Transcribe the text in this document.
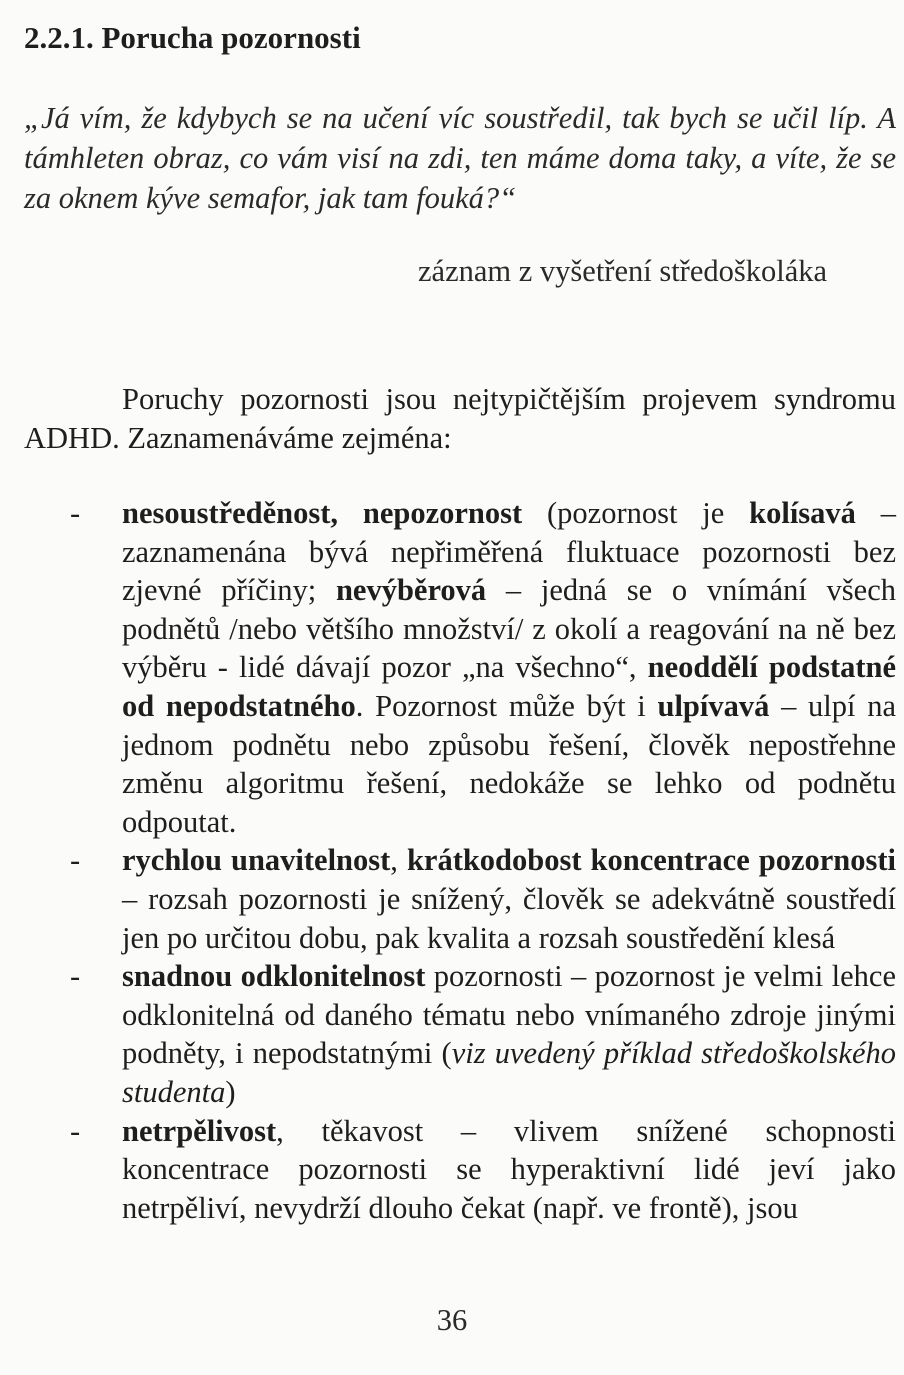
2.2.1. Porucha pozornosti
„Já vím, že kdybych se na učení víc soustředil, tak bych se učil líp. A támhleten obraz, co vám visí na zdi, ten máme doma taky, a víte, že se za oknem kýve semafor, jak tam fouká?“
záznam z vyšetření středoškoláka
Poruchy pozornosti jsou nejtypičtějším projevem syndromu ADHD. Zaznamenáváme zejména:
- nesoustředěnost, nepozornost (pozornost je kolísavá – zaznamenána bývá nepřiměřená fluktuace pozornosti bez zjevné příčiny; nevýběrová – jedná se o vnímání všech podnětů /nebo většího množství/ z okolí a reagování na ně bez výběru - lidé dávají pozor „na všechno“, neoddělí podstatné od nepodstatného. Pozornost může být i ulpívavá – ulpí na jednom podnětu nebo způsobu řešení, člověk nepostřehne změnu algoritmu řešení, nedokáže se lehko od podnětu odpoutat.
- rychlou unavitelnost, krátkodobost koncentrace pozornosti – rozsah pozornosti je snížený, člověk se adekvátně soustředí jen po určitou dobu, pak kvalita a rozsah soustředění klesá
- snadnou odklonitelnost pozornosti – pozornost je velmi lehce odklonitelná od daného tématu nebo vnímaného zdroje jinými podněty, i nepodstatnými (viz uvedený příklad středoškolského studenta)
- netrpělivost, těkavost – vlivem snížené schopnosti koncentrace pozornosti se hyperaktivní lidé jeví jako netrpěliví, nevydrží dlouho čekat (např. ve frontě), jsou
36
